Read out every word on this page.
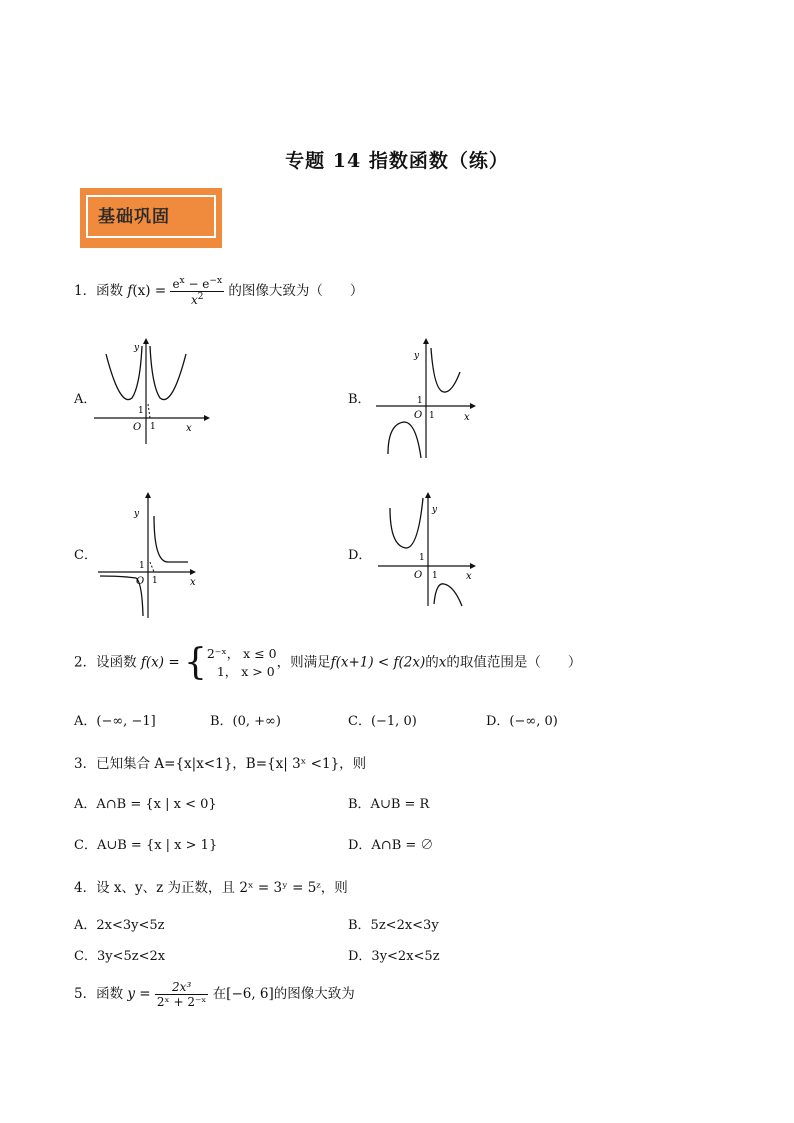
专题 14 指数函数（练）
基础巩固
1．函数 $f(x) = \frac{e^x - e^{-x}}{x^2}$ 的图像大致为（　　）
A．	B．
C．	D．
y
x
O 1
1
y
x
O 1
1
y
x
O 1
1
y
x
O 1
1
2．设函数 f(x) = { 2⁻ˣ， x ≤ 0
1， x > 0
，则满足f(x+1) < f(2x)的x的取值范围是（　　）
A．(−∞, −1]	B．(0, +∞)	C．(−1, 0)	D．(−∞, 0)
3．已知集合 A={x|x<1}，B={x| 3ˣ <1}，则
A．A∩B = {x | x < 0}	B．A∪B = R
C．A∪B = {x | x > 1}	D．A∩B = ∅
4．设 x、y、z 为正数，且 2ˣ = 3ʸ = 5ᶻ，则
A．2x<3y<5z	B．5z<2x<3y
C．3y<5z<2x	D．3y<2x<5z
5．函数 $y = \frac{\text{2x³}}{\text{2ˣ + 2⁻ˣ}}$ 在[−6, 6]的图像大致为
